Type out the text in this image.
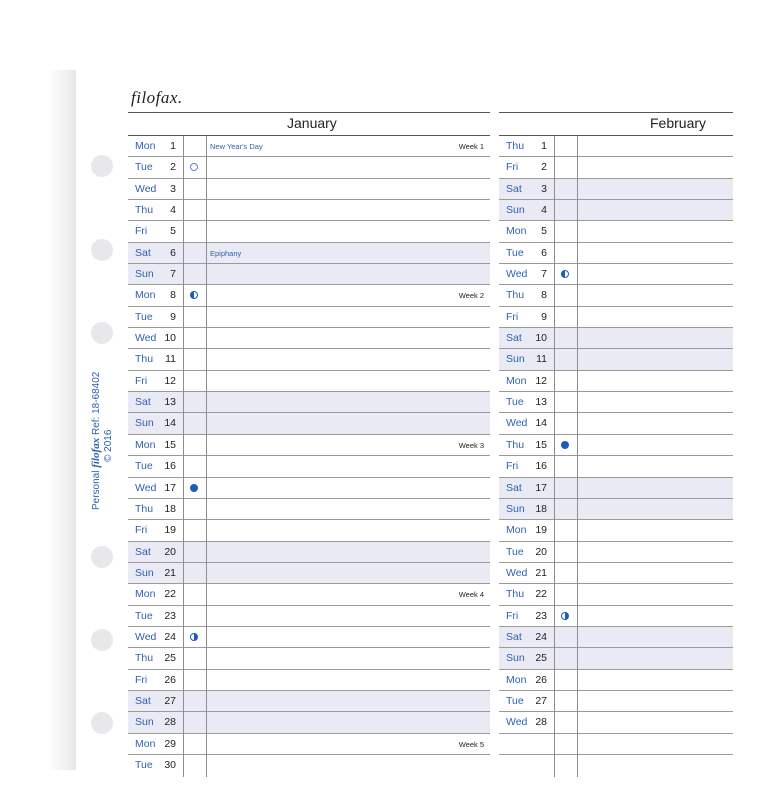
filofax.
Personal filofax Ref: 18-68402
© 2016
January
Mon	1	New Year's Day	Week 1
Tue	2
Wed	3
Thu	4
Fri	5
Sat	6	Epiphany
Sun	7
Mon	8	Week 2
Tue	9
Wed 10
Thu 11
Fri 12
Sat 13
Sun 14
Mon 15	Week 3
Tue 16
Wed 17
Thu 18
Fri 19
Sat 20
Sun 21
Mon 22	Week 4
Tue 23
Wed 24
Thu 25
Fri 26
Sat 27
Sun 28
Mon 29	Week 5
Tue 30
February
Thu	1
Fri	2
Sat	3
Sun	4
Mon	5
Tue	6
Wed	7
Thu	8
Fri	9
Sat 10
Sun 11
Mon 12
Tue 13
Wed 14
Thu 15
Fri 16
Sat 17
Sun 18
Mon 19
Tue 20
Wed 21
Thu 22
Fri 23
Sat 24
Sun 25
Mon 26
Tue 27
Wed 28
